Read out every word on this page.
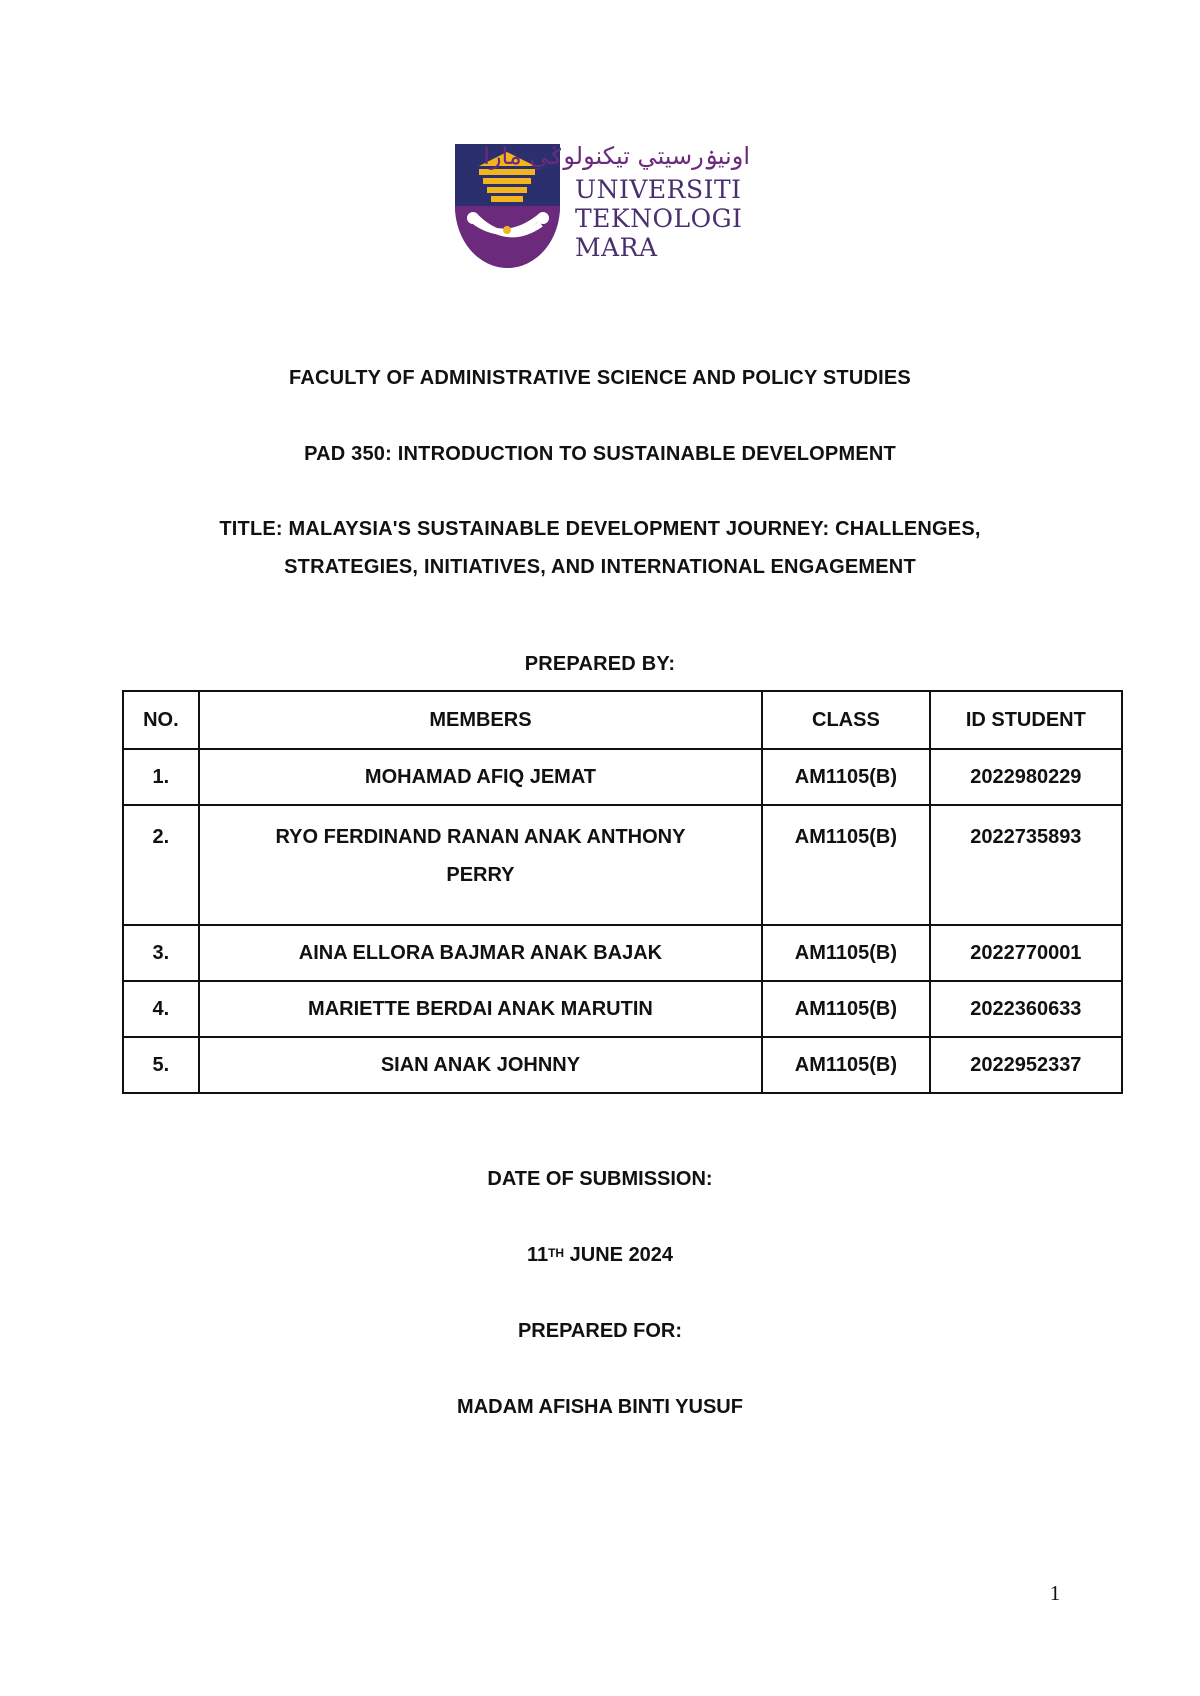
اونيۏرسيتي تيکنولوݢي مارا
UNIVERSITI
TEKNOLOGI
MARA
FACULTY OF ADMINISTRATIVE SCIENCE AND POLICY STUDIES
PAD 350: INTRODUCTION TO SUSTAINABLE DEVELOPMENT
TITLE: MALAYSIA'S SUSTAINABLE DEVELOPMENT JOURNEY: CHALLENGES,
STRATEGIES, INITIATIVES, AND INTERNATIONAL ENGAGEMENT
PREPARED BY:
NO.	MEMBERS	CLASS	ID STUDENT
1.	MOHAMAD AFIQ JEMAT	AM1105(B)	2022980229
2.	RYO FERDINAND RANAN ANAK ANTHONY
PERRY	AM1105(B)	2022735893
3.	AINA ELLORA BAJMAR ANAK BAJAK	AM1105(B)	2022770001
4.	MARIETTE BERDAI ANAK MARUTIN	AM1105(B)	2022360633
5.	SIAN ANAK JOHNNY	AM1105(B)	2022952337
DATE OF SUBMISSION:
11TH JUNE 2024
PREPARED FOR:
MADAM AFISHA BINTI YUSUF
1
